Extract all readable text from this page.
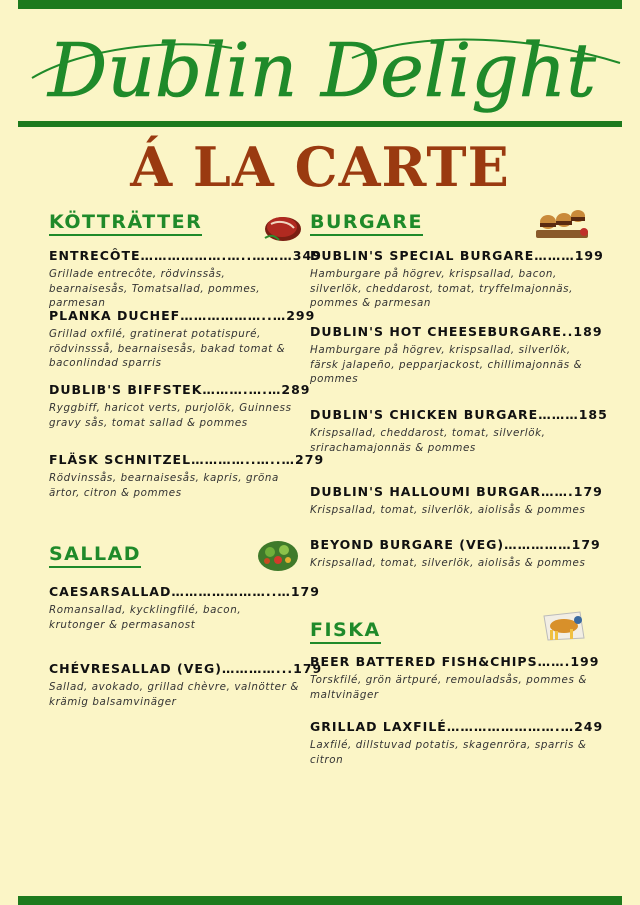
Dublin Delight
Á LA CARTE
KÖTTRÄTTER
ENTRECÔTE……………….…..………349
Grillade entrecôte, rödvinssås, bearnaisesås, Tomatsallad, pommes, parmesan
PLANKA DUCHEF………………..…299
Grillad oxfilé, gratinerat potatispuré, rödvinssså, bearnaisesås, bakad tomat & baconlindad sparris
DUBLIB'S BIFFSTEK……….….…289
Ryggbiff, haricot verts, purjolök, Guinness gravy sås, tomat sallad & pommes
FLÄSK SCHNITZEL…………..…..…279
Rödvinssås, bearnaisesås, kapris, gröna ärtor, citron & pommes
SALLAD
CAESARSALLAD…………………..…179
Romansallad, kycklingfilé, bacon, krutonger & permasanost
CHÉVRESALLAD (VEG)…………...179
Sallad, avokado, grillad chèvre, valnötter & krämig balsamvinäger
BURGARE
DUBLIN'S SPECIAL BURGARE………199
Hamburgare på högrev, krispsallad, bacon, silverlök, cheddarost, tomat, tryffelmajonnäs, pommes & parmesan
DUBLIN'S HOT CHEESEBURGARE..189
Hamburgare på högrev, krispsallad, silverlök, färsk jalapeño, pepparjackost, chillimajonnäs & pommes
DUBLIN'S CHICKEN BURGARE………185
Krispsallad, cheddarost, tomat, silverlök, srirachamajonnäs & pommes
DUBLIN'S HALLOUMI BURGAR…….179
Krispsallad, tomat, silverlök, aiolisås & pommes
BEYOND BURGARE (VEG)……………179
Krispsallad, tomat, silverlök, aiolisås & pommes
FISKA
BEER BATTERED FISH&CHIPS…….199
Torskfilé, grön ärtpuré, remouladsås, pommes & maltvinäger
GRILLAD LAXFILÉ…………………….…249
Laxfilé, dillstuvad potatis, skagenröra, sparris & citron
